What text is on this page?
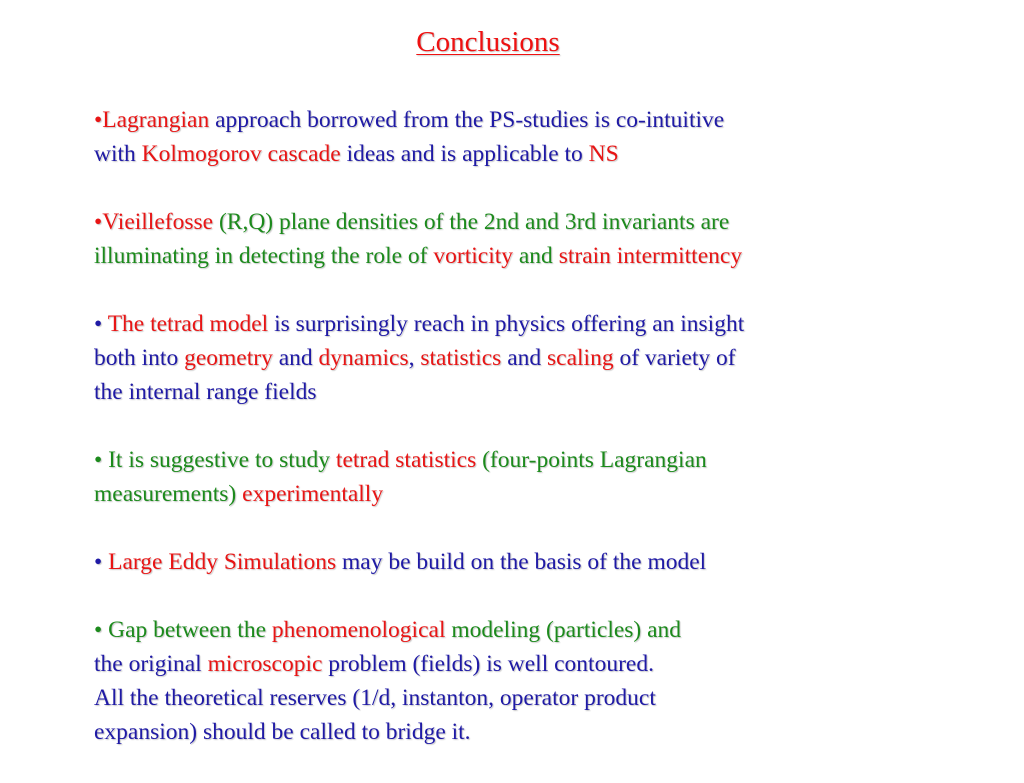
Conclusions

•Lagrangian approach borrowed from the PS-studies is co-intuitive
with Kolmogorov cascade ideas and is applicable to NS

•Vieillefosse (R,Q) plane densities of the 2nd and 3rd invariants are
illuminating in detecting the role of vorticity and strain intermittency

• The tetrad model is surprisingly reach in physics offering an insight
both into geometry and dynamics, statistics and scaling of variety of
the internal range fields

• It is suggestive to study tetrad statistics (four-points Lagrangian
measurements) experimentally

• Large Eddy Simulations may be build on the basis of the model

• Gap between the phenomenological modeling (particles) and
the original microscopic problem (fields) is well contoured.
All the theoretical reserves (1/d, instanton, operator product
expansion) should be called to bridge it.
